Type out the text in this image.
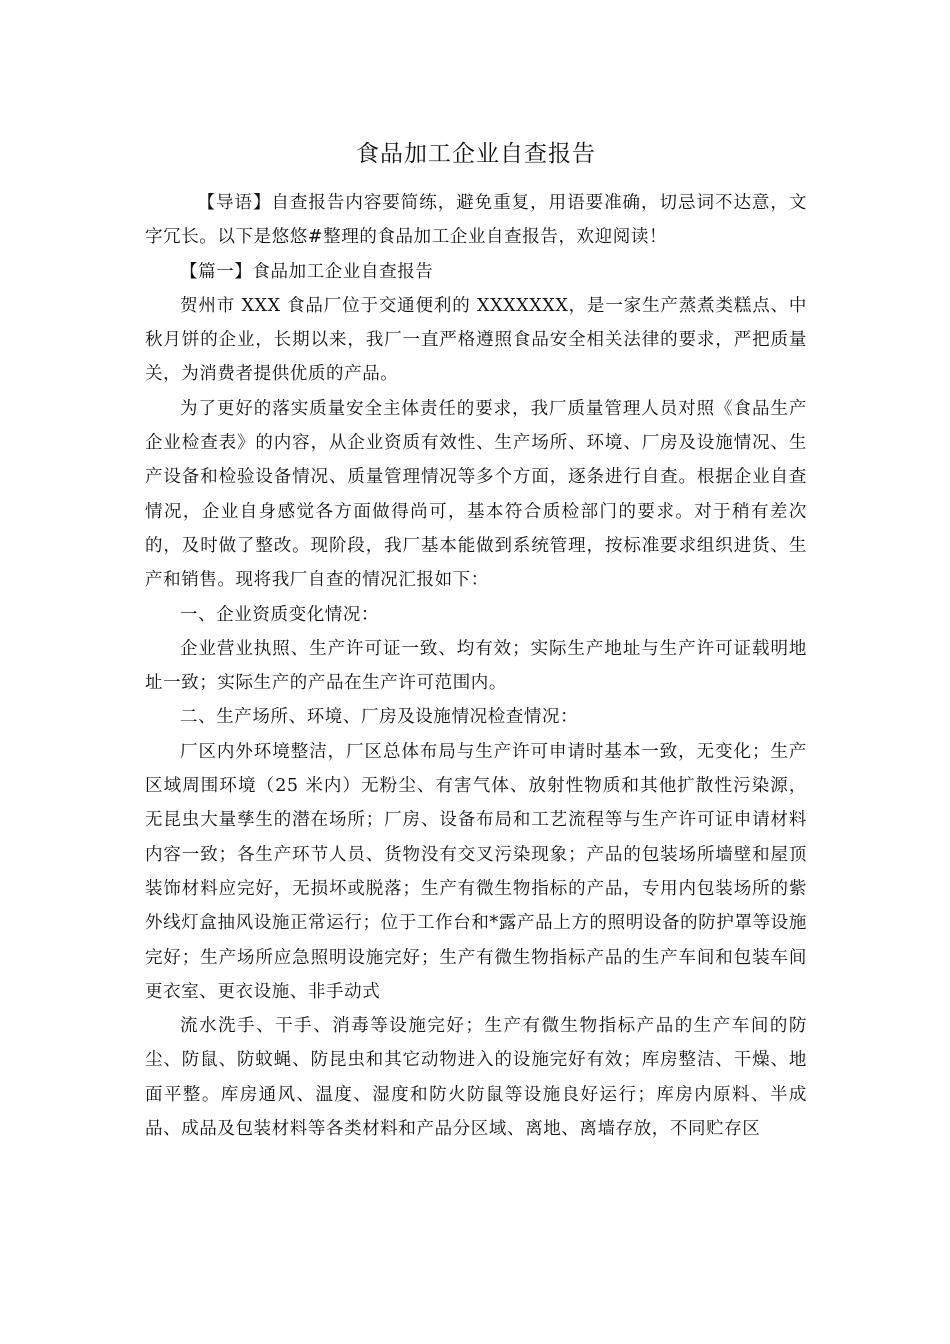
食品加工企业自查报告

【导语】自查报告内容要简练，避免重复，用语要准确，切忌词不达意，文字冗长。以下是悠悠#整理的食品加工企业自查报告，欢迎阅读！

【篇一】食品加工企业自查报告

贺州市 XXX 食品厂位于交通便利的 XXXXXXX，是一家生产蒸煮类糕点、中秋月饼的企业，长期以来，我厂一直严格遵照食品安全相关法律的要求，严把质量关，为消费者提供优质的产品。

为了更好的落实质量安全主体责任的要求，我厂质量管理人员对照《食品生产企业检查表》的内容，从企业资质有效性、生产场所、环境、厂房及设施情况、生产设备和检验设备情况、质量管理情况等多个方面，逐条进行自查。根据企业自查情况，企业自身感觉各方面做得尚可，基本符合质检部门的要求。对于稍有差次的，及时做了整改。现阶段，我厂基本能做到系统管理，按标准要求组织进货、生产和销售。现将我厂自查的情况汇报如下：

一、企业资质变化情况：

企业营业执照、生产许可证一致、均有效；实际生产地址与生产许可证载明地址一致；实际生产的产品在生产许可范围内。

二、生产场所、环境、厂房及设施情况检查情况：

厂区内外环境整洁，厂区总体布局与生产许可申请时基本一致，无变化；生产区域周围环境（25 米内）无粉尘、有害气体、放射性物质和其他扩散性污染源，无昆虫大量孳生的潜在场所；厂房、设备布局和工艺流程等与生产许可证申请材料内容一致；各生产环节人员、货物没有交叉污染现象；产品的包装场所墙壁和屋顶装饰材料应完好，无损坏或脱落；生产有微生物指标的产品，专用内包装场所的紫外线灯盒抽风设施正常运行；位于工作台和*露产品上方的照明设备的防护罩等设施完好；生产场所应急照明设施完好；生产有微生物指标产品的生产车间和包装车间更衣室、更衣设施、非手动式

流水洗手、干手、消毒等设施完好；生产有微生物指标产品的生产车间的防尘、防鼠、防蚊蝇、防昆虫和其它动物进入的设施完好有效；库房整洁、干燥、地面平整。库房通风、温度、湿度和防火防鼠等设施良好运行；库房内原料、半成品、成品及包装材料等各类材料和产品分区域、离地、离墙存放，不同贮存区
